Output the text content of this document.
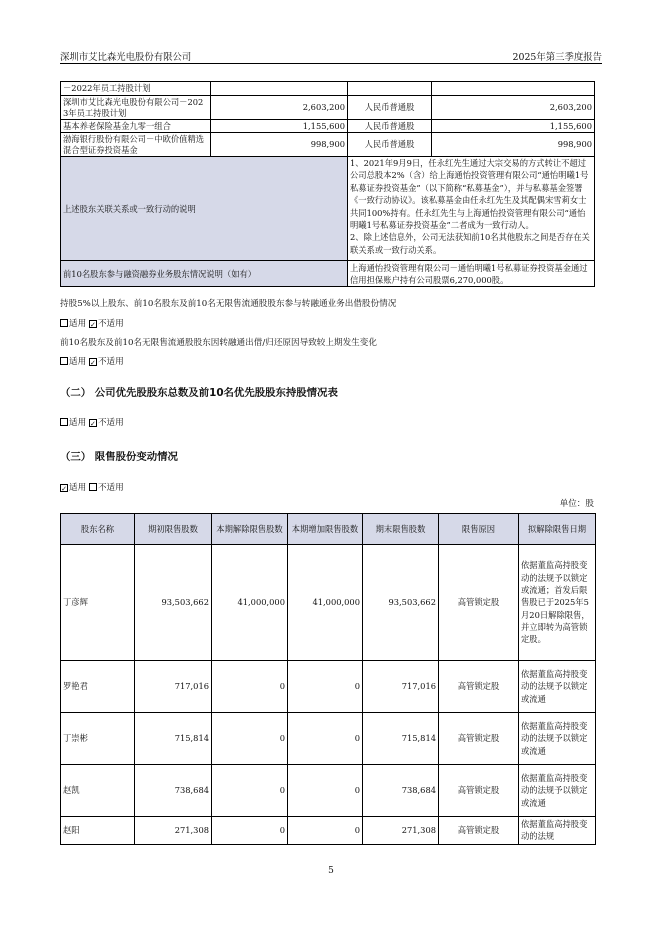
深圳市艾比森光电股份有限公司	2025年第三季度报告
－2022年员工持股计划			
深圳市艾比森光电股份有限公司－2023年员工持股计划	2,603,200	人民币普通股	2,603,200
基本养老保险基金九零一组合	1,155,600	人民币普通股	1,155,600
渤海银行股份有限公司－中欧价值精选混合型证券投资基金	998,900	人民币普通股	998,900
上述股东关联关系或一致行动的说明		1、2021年9月9日，任永红先生通过大宗交易的方式转让不超过公司总股本2%（含）给上海通怡投资管理有限公司“通怡明曦1号私募证券投资基金”（以下简称“私募基金”），并与私募基金签署《一致行动协议》。该私募基金由任永红先生及其配偶宋雪莉女士共同100%持有。任永红先生与上海通怡投资管理有限公司“通怡明曦1号私募证券投资基金”二者成为一致行动人。
2、除上述信息外，公司无法获知前10名其他股东之间是否存在关联关系或一致行动关系。	
前10名股东参与融资融券业务股东情况说明（如有）		上海通怡投资管理有限公司－通怡明曦1号私募证券投资基金通过信用担保账户持有公司股票6,270,000股。	
持股5%以上股东、前10名股东及前10名无限售流通股股东参与转融通业务出借股份情况
适用 ✓ 不适用
前10名股东及前10名无限售流通股股东因转融通出借/归还原因导致较上期发生变化
适用 ✓ 不适用
（二） 公司优先股股东总数及前10名优先股股东持股情况表
适用 ✓ 不适用
（三） 限售股份变动情况
✓ 适用 不适用
单位：股
股东名称	期初限售股数	本期解除限售股数	本期增加限售股数	期末限售股数	限售原因	拟解除限售日期
丁彦辉	93,503,662	41,000,000	41,000,000	93,503,662	高管锁定股	依据董监高持股变动的法规予以锁定或流通；首发后限售股已于2025年5月20日解除限售，并立即转为高管锁定股。
罗艳君	717,016	0	0	717,016	高管锁定股	依据董监高持股变动的法规予以锁定或流通
丁崇彬	715,814	0	0	715,814	高管锁定股	依据董监高持股变动的法规予以锁定或流通
赵凯	738,684	0	0	738,684	高管锁定股	依据董监高持股变动的法规予以锁定或流通
赵阳	271,308	0	0	271,308	高管锁定股	依据董监高持股变动的法规
5
